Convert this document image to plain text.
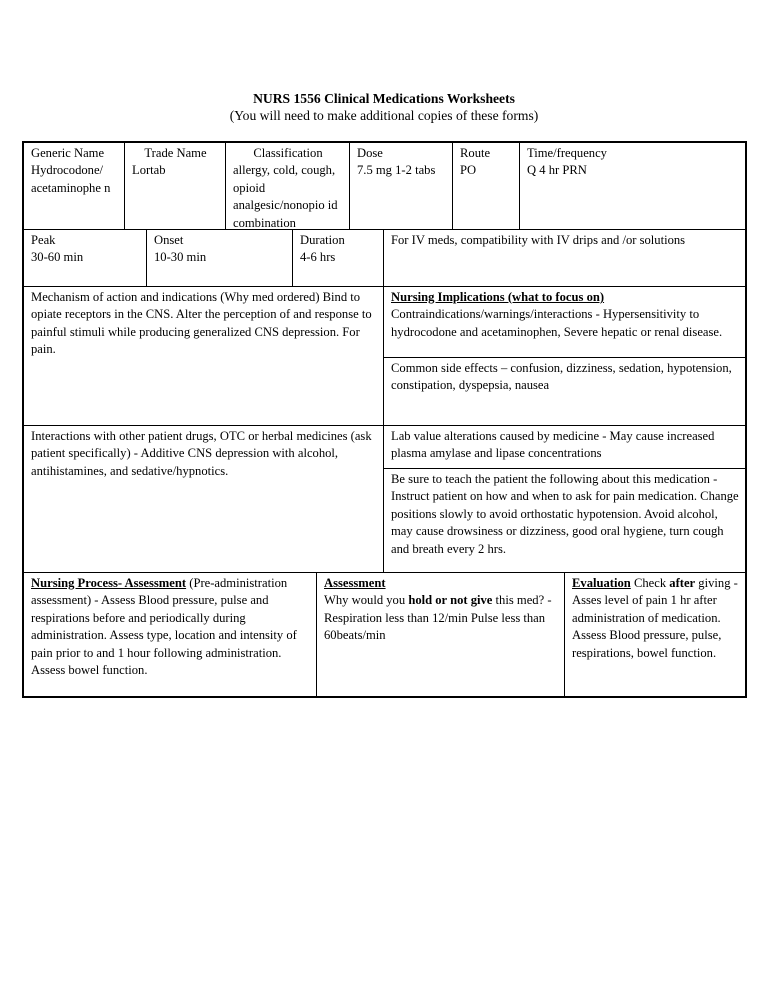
NURS 1556 Clinical Medications Worksheets
(You will need to make additional copies of these forms)
Generic Name
Hydrocodone/ acetaminophe n
Trade Name
Lortab
Classification
allergy, cold, cough, opioid analgesic/nonopio id combination
Dose
7.5 mg 1-2 tabs
Route
PO
Time/frequency
Q 4 hr PRN
Peak
30-60 min
Onset
10-30 min
Duration
4-6 hrs
For IV meds, compatibility with IV drips and /or solutions
Mechanism of action and indications (Why med ordered) Bind to opiate receptors in the CNS. Alter the perception of and response to painful stimuli while producing generalized CNS depression. For pain.
Nursing Implications (what to focus on)
Contraindications/warnings/interactions - Hypersensitivity to hydrocodone and acetaminophen, Severe hepatic or renal disease.
Common side effects – confusion, dizziness, sedation, hypotension, constipation, dyspepsia, nausea
Interactions with other patient drugs, OTC or herbal medicines (ask patient specifically) - Additive CNS depression with alcohol, antihistamines, and sedative/hypnotics.
Lab value alterations caused by medicine - May cause increased plasma amylase and lipase concentrations
Be sure to teach the patient the following about this medication - Instruct patient on how and when to ask for pain medication. Change positions slowly to avoid orthostatic hypotension. Avoid alcohol, may cause drowsiness or dizziness, good oral hygiene, turn cough and breath every 2 hrs.
Nursing Process- Assessment (Pre-administration assessment) - Assess Blood pressure, pulse and respirations before and periodically during administration. Assess type, location and intensity of pain prior to and 1 hour following administration. Assess bowel function.
Assessment
Why would you hold or not give this med? - Respiration less than 12/min Pulse less than 60beats/min
Evaluation Check after giving - Asses level of pain 1 hr after administration of medication. Assess Blood pressure, pulse, respirations, bowel function.
